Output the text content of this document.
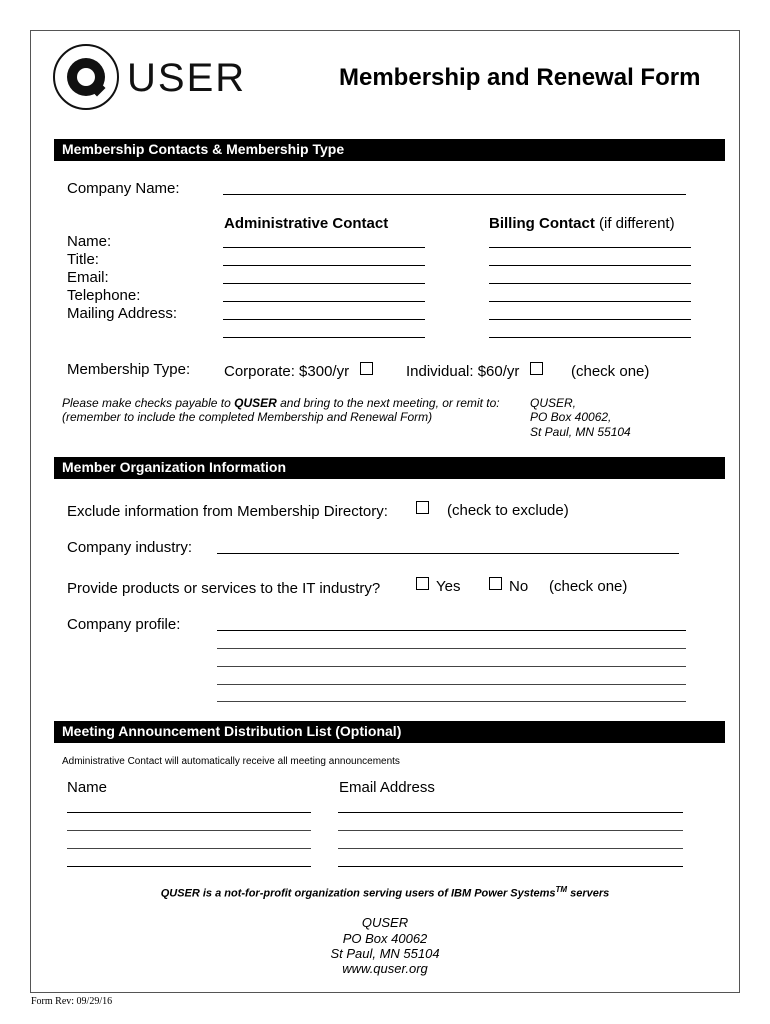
USER	Membership and Renewal Form
Membership Contacts & Membership Type
Company Name:
Administrative Contact	Billing Contact (if different)
Name:
Title:
Email:
Telephone:
Mailing Address:
Membership Type: Corporate: $300/yr	Individual: $60/yr	(check one)
Please make checks payable to QUSER and bring to the next meeting, or remit to:
(remember to include the completed Membership and Renewal Form)
QUSER,
PO Box 40062,
St Paul, MN 55104
Member Organization Information
Exclude information from Membership Directory:	(check to exclude)
Company industry:
Provide products or services to the IT industry?	Yes	No (check one)
Company profile:
Meeting Announcement Distribution List (Optional)
Administrative Contact will automatically receive all meeting announcements
Name	Email Address
QUSER is a not-for-profit organization serving users of IBM Power Systems™ servers
QUSER
PO Box 40062
St Paul, MN 55104
www.quser.org
Form Rev: 09/29/16
